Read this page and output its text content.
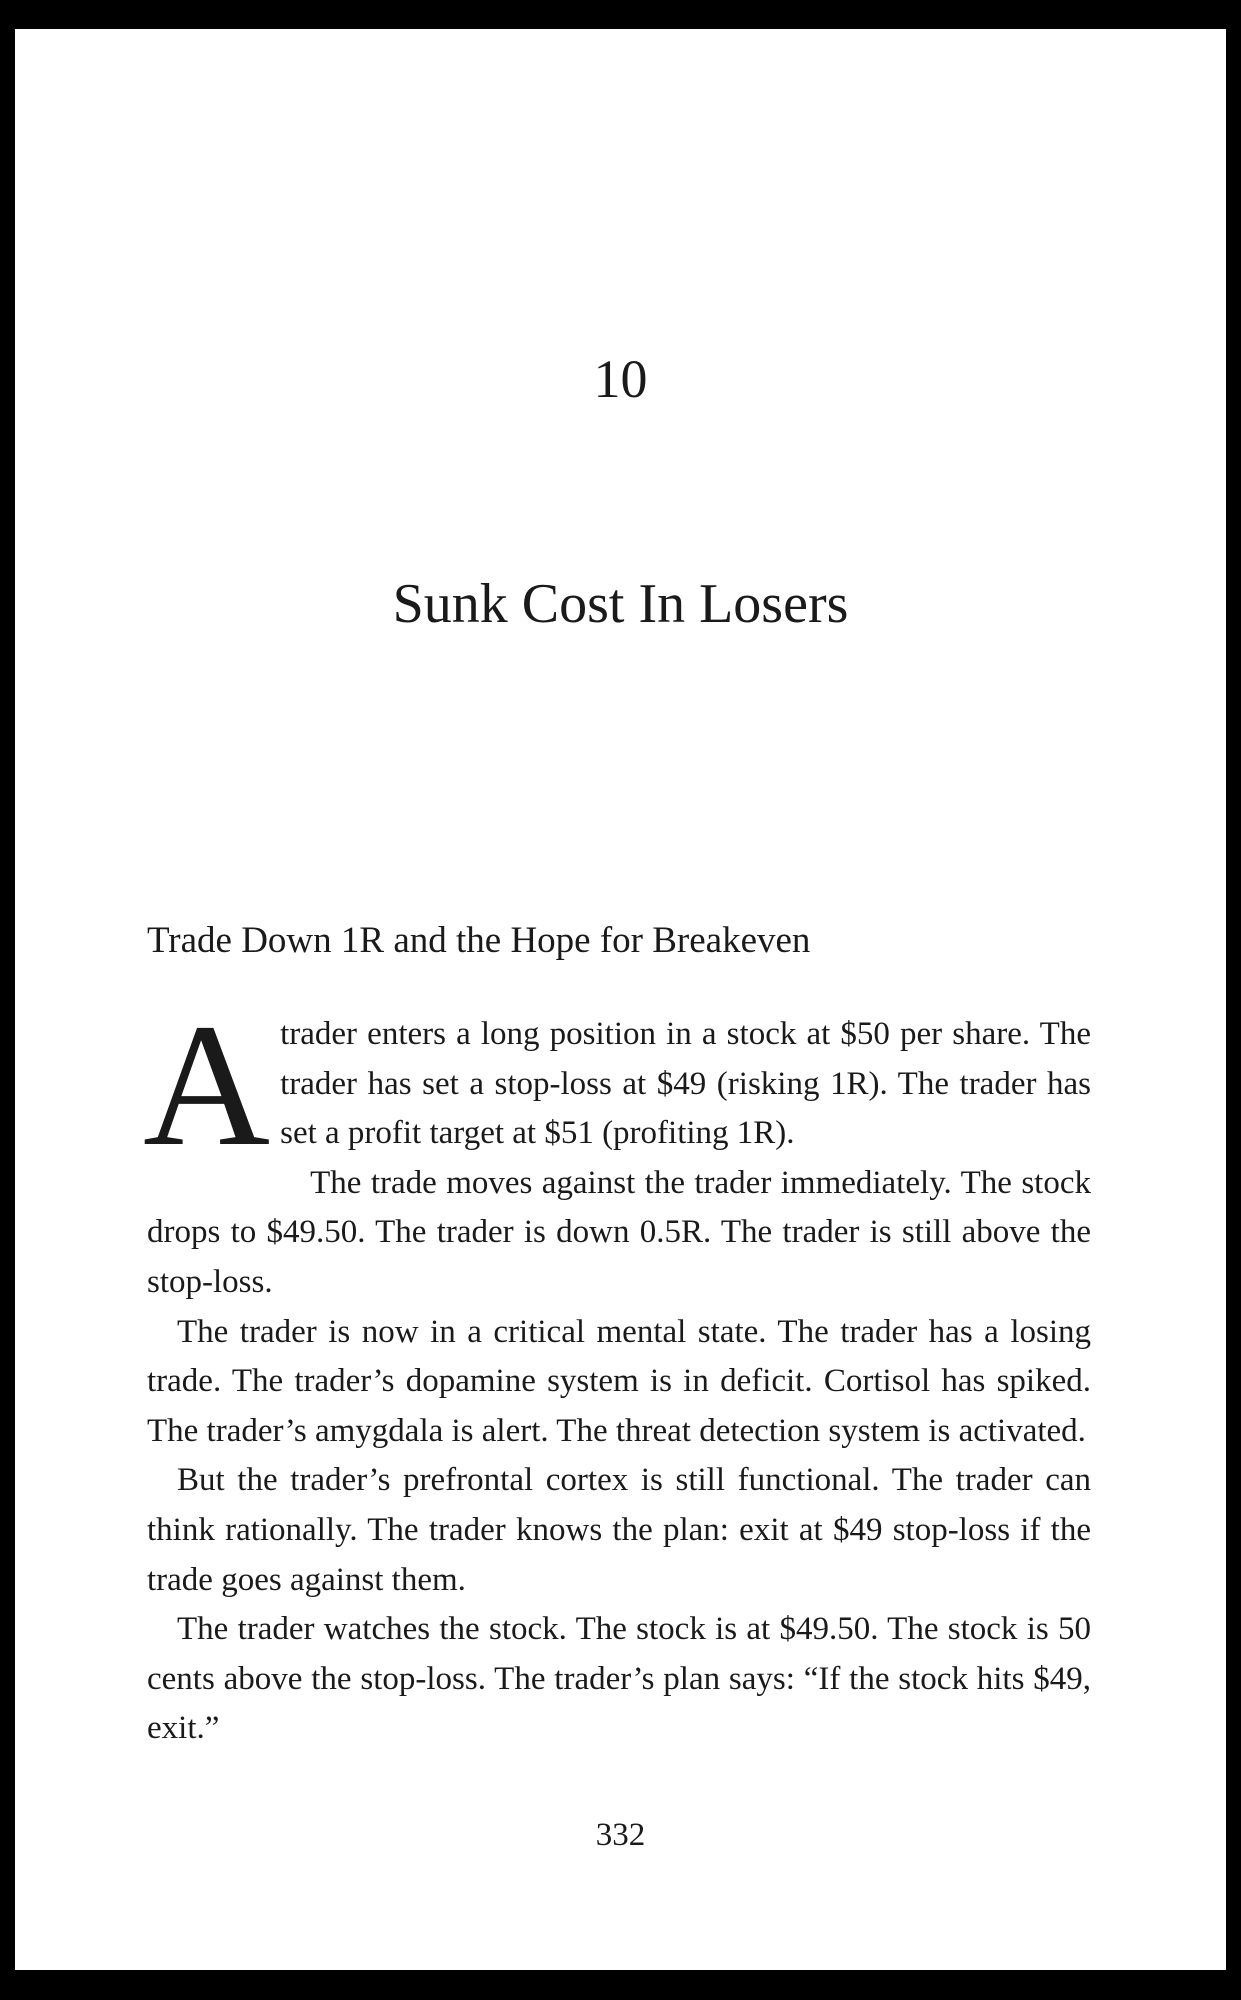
10
Sunk Cost In Losers
Trade Down 1R and the Hope for Breakeven

Atrader enters a long position in a stock at $50 per share. The trader has set a stop-loss at $49 (risking 1R). The trader has set a profit target at $51 (profiting 1R).

The trade moves against the trader immediately. The stock drops to $49.50. The trader is down 0.5R. The trader is still above the stop-loss.

The trader is now in a critical mental state. The trader has a losing trade. The trader’s dopamine system is in deficit. Cortisol has spiked. The trader’s amygdala is alert. The threat detection system is activated.

But the trader’s prefrontal cortex is still functional. The trader can think rationally. The trader knows the plan: exit at $49 stop-loss if the trade goes against them.

The trader watches the stock. The stock is at $49.50. The stock is 50 cents above the stop-loss. The trader’s plan says: “If the stock hits $49, exit.”

332
